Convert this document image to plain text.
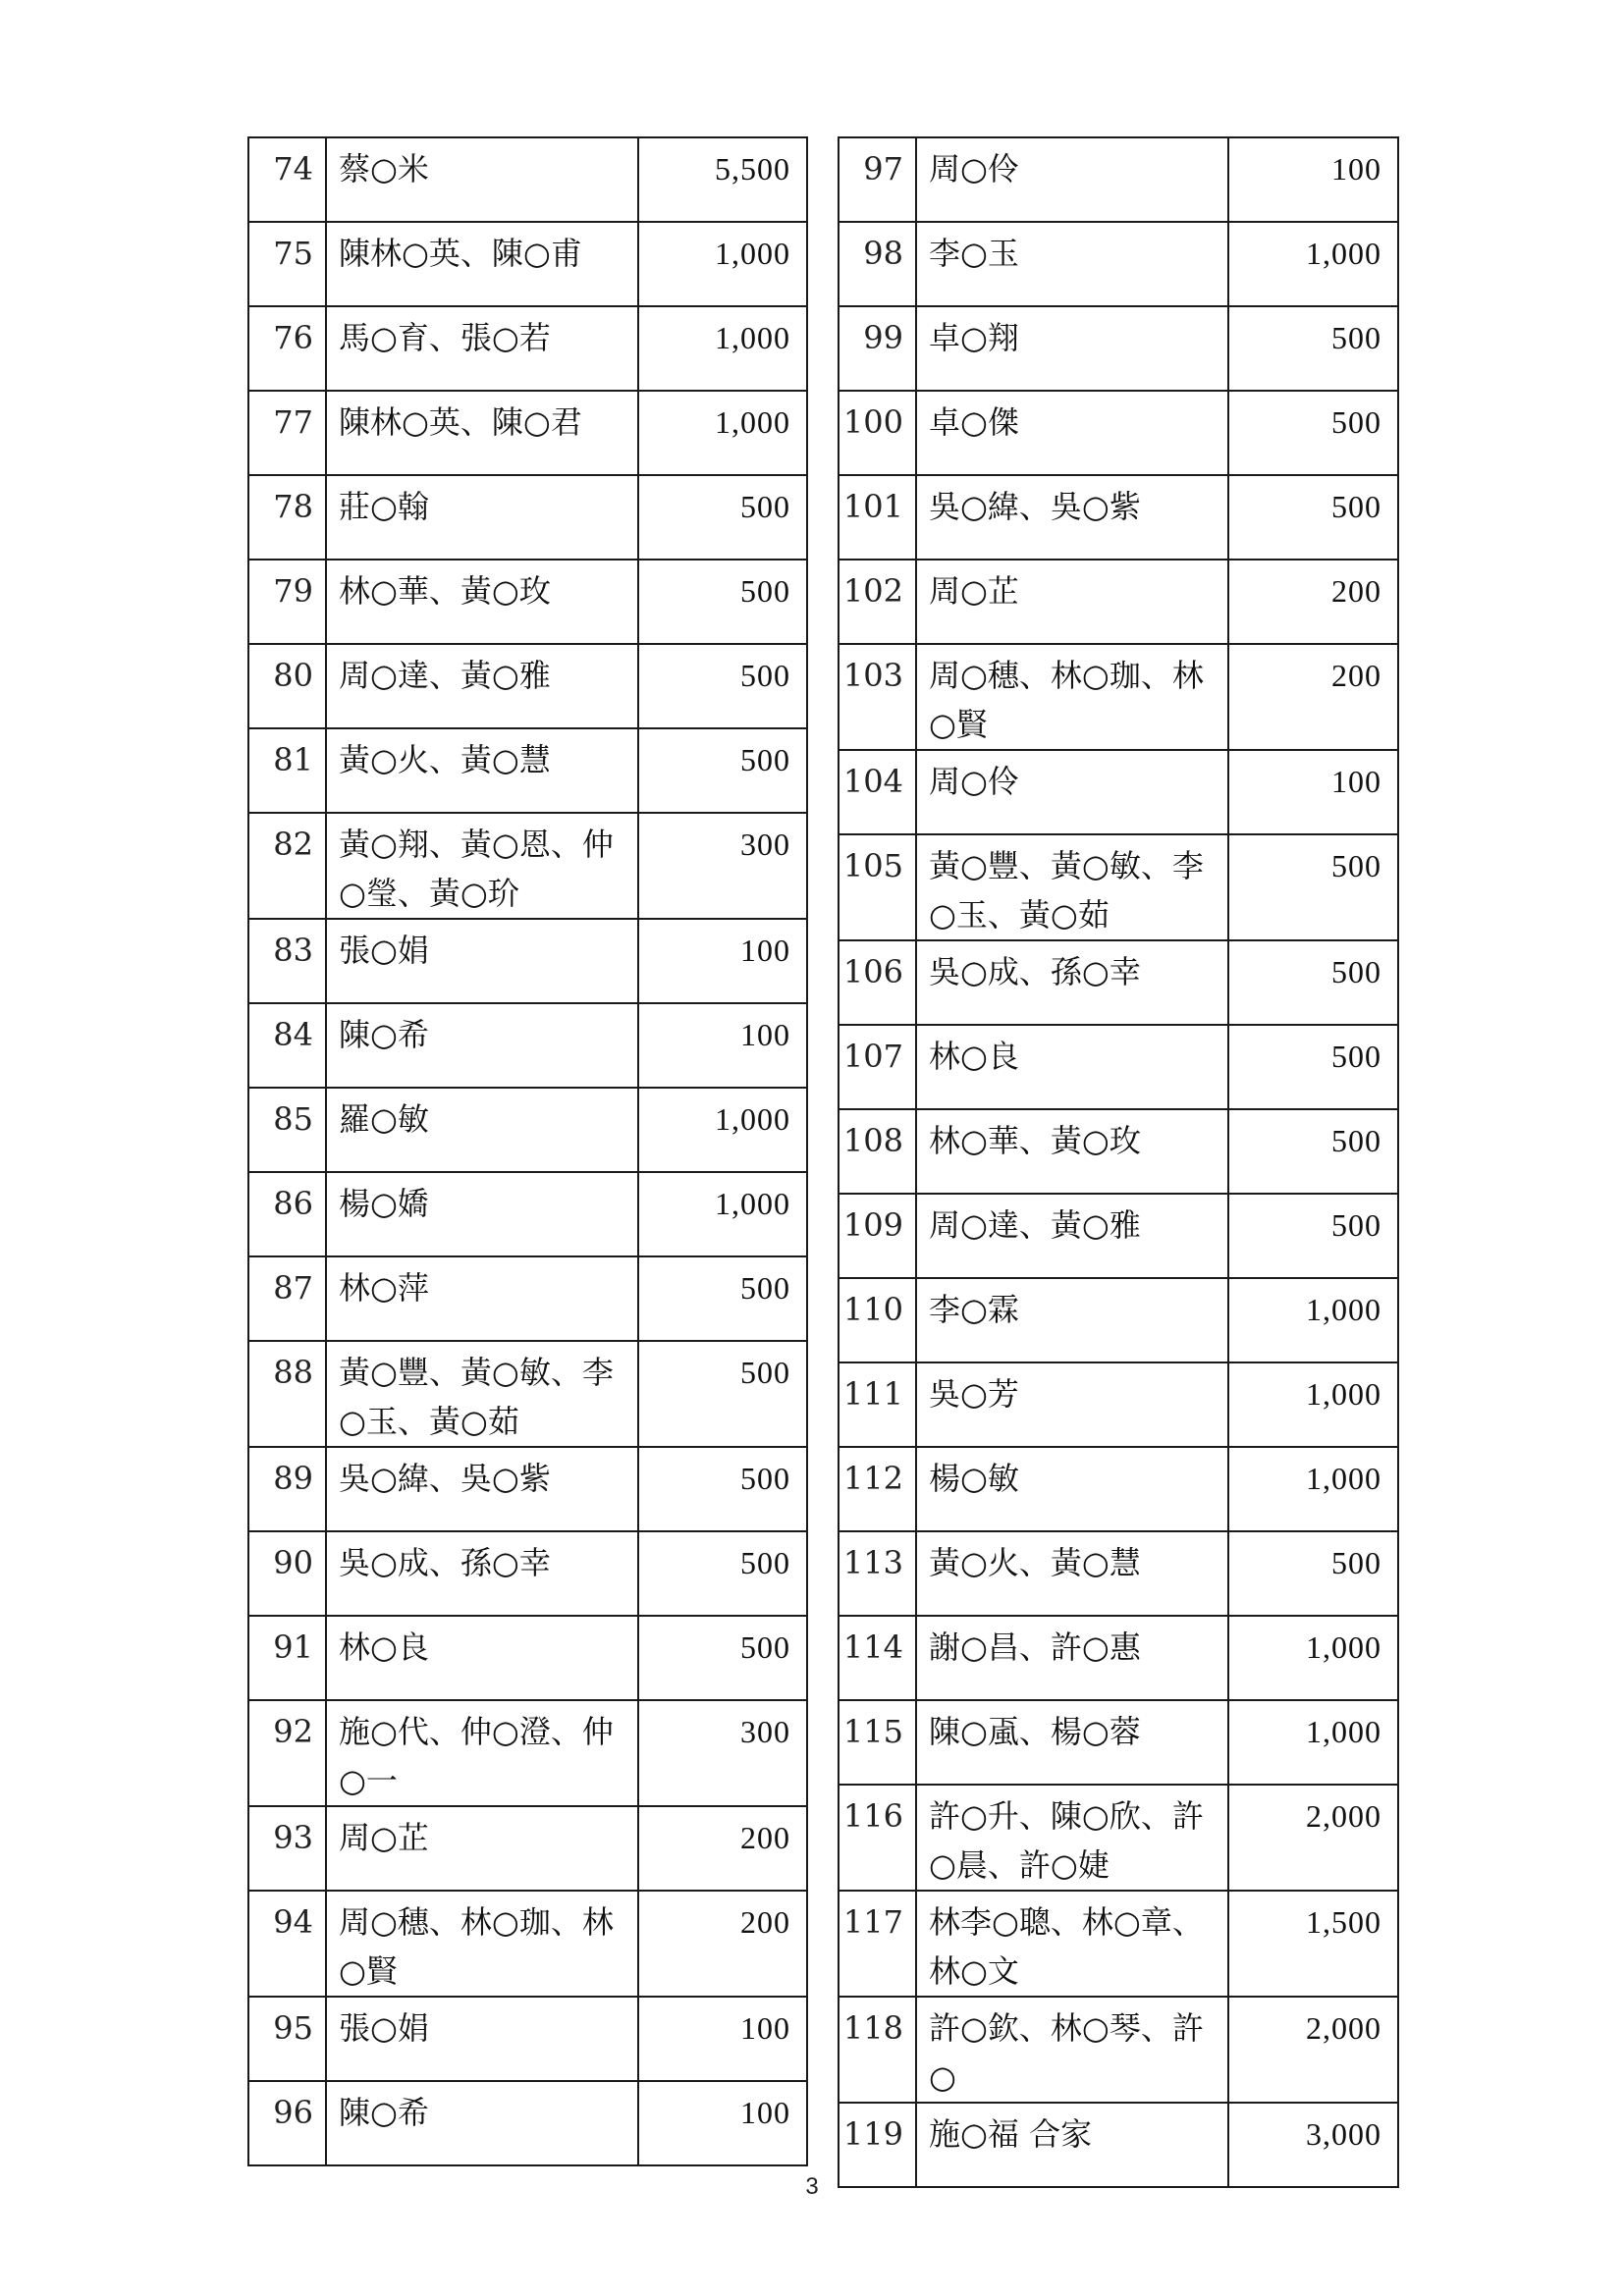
74	蔡○米	5,500
75	陳林○英、陳○甫	1,000
76	馬○育、張○若	1,000
77	陳林○英、陳○君	1,000
78	莊○翰	500
79	林○華、黃○玫	500
80	周○達、黃○雅	500
81	黃○火、黃○慧	500
82	黃○翔、黃○恩、仲○瑩、黃○玠	300
83	張○娟	100
84	陳○希	100
85	羅○敏	1,000
86	楊○嬌	1,000
87	林○萍	500
88	黃○豐、黃○敏、李○玉、黃○茹	500
89	吳○緯、吳○紫	500
90	吳○成、孫○幸	500
91	林○良	500
92	施○代、仲○澄、仲○一	300
93	周○芷	200
94	周○穗、林○珈、林○賢	200
95	張○娟	100
96	陳○希	100
97	周○伶	100
98	李○玉	1,000
99	卓○翔	500
100	卓○傑	500
101	吳○緯、吳○紫	500
102	周○芷	200
103	周○穗、林○珈、林○賢	200
104	周○伶	100
105	黃○豐、黃○敏、李○玉、黃○茹	500
106	吳○成、孫○幸	500
107	林○良	500
108	林○華、黃○玫	500
109	周○達、黃○雅	500
110	李○霖	1,000
111	吳○芳	1,000
112	楊○敏	1,000
113	黃○火、黃○慧	500
114	謝○昌、許○惠	1,000
115	陳○颪、楊○蓉	1,000
116	許○升、陳○欣、許○晨、許○婕	2,000
117	林李○聰、林○章、林○文	1,500
118	許○欽、林○琴、許○	2,000
119	施○福 合家	3,000
3
